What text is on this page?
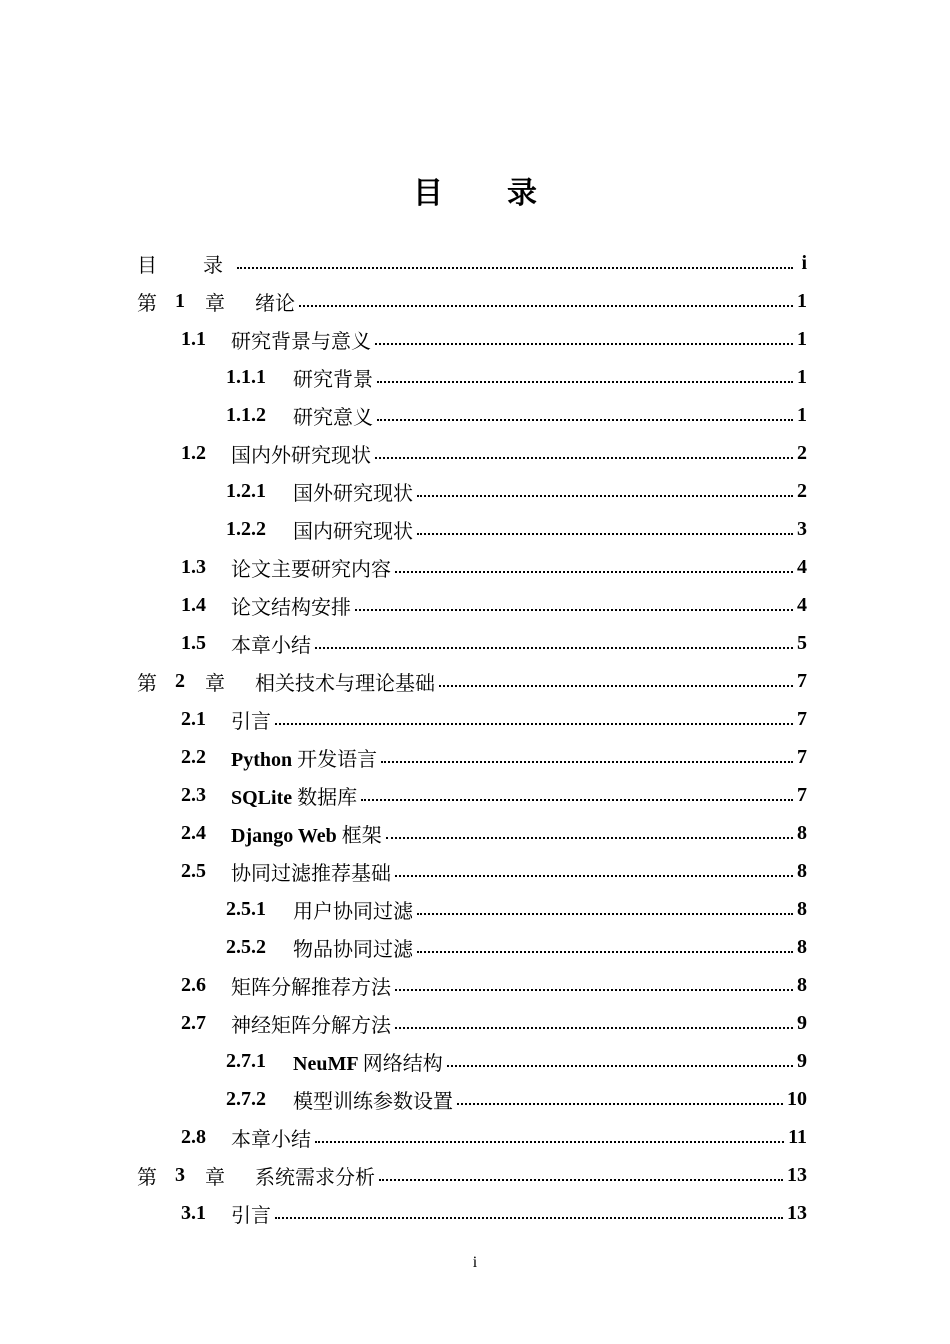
目 录
目	录	i
第 1	章	绪论	1
1.1	研究背景与意义	1
1.1.1	研究背景	1
1.1.2	研究意义	1
1.2	国内外研究现状	2
1.2.1	国外研究现状	2
1.2.2	国内研究现状	3
1.3	论文主要研究内容	4
1.4	论文结构安排	4
1.5	本章小结	5
第 2	章	相关技术与理论基础	7
2.1	引言	7
2.2	Python 开发语言	7
2.3	SQLite 数据库	7
2.4	Django Web 框架	8
2.5	协同过滤推荐基础	8
2.5.1	用户协同过滤	8
2.5.2	物品协同过滤	8
2.6	矩阵分解推荐方法	8
2.7	神经矩阵分解方法	9
2.7.1	NeuMF 网络结构	9
2.7.2	模型训练参数设置	10
2.8	本章小结	11
第 3	章	系统需求分析	13
3.1	引言	13
i
